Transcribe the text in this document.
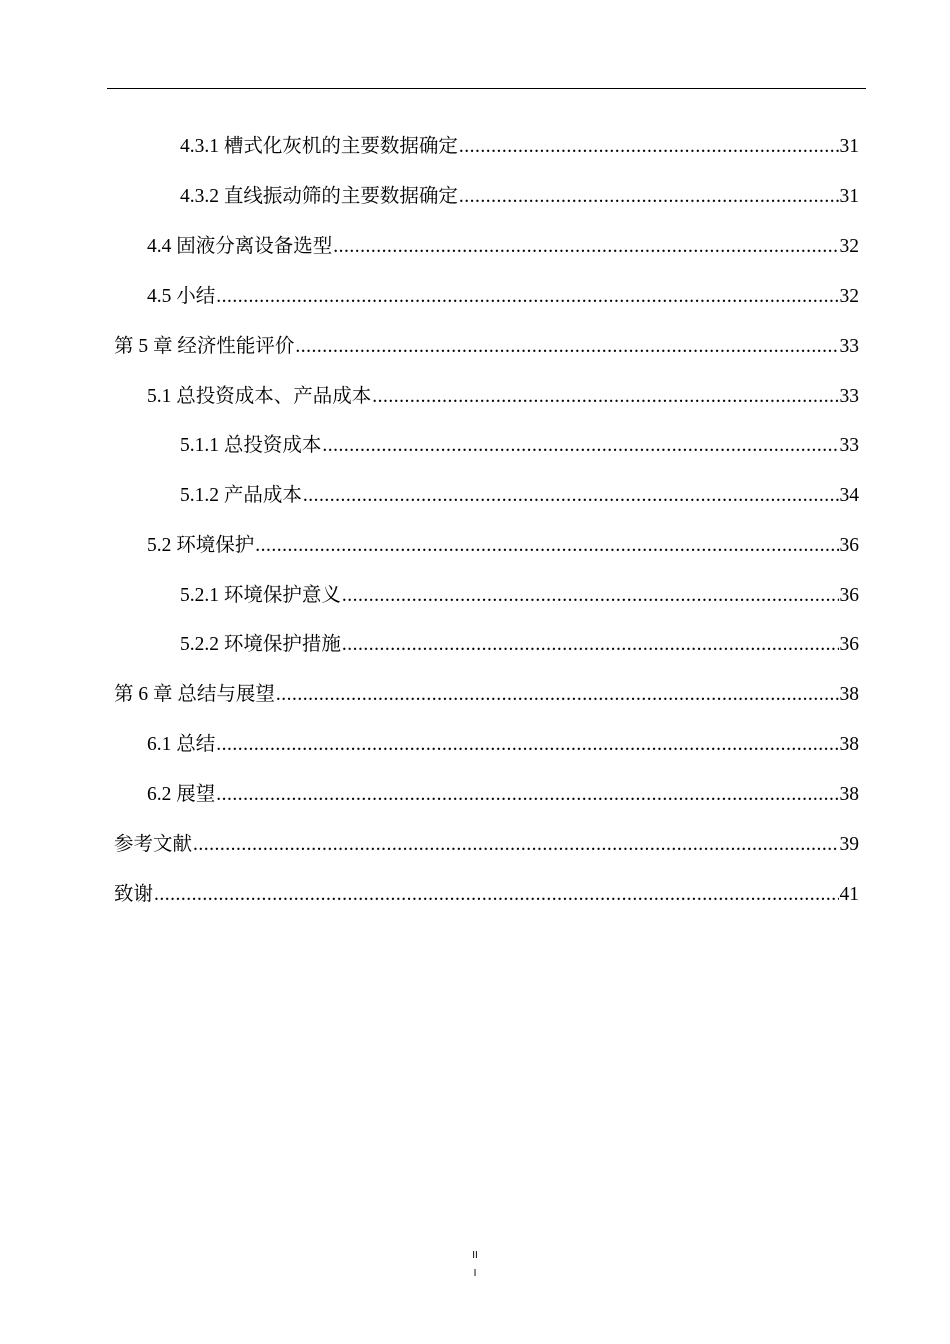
4.3.1 槽式化灰机的主要数据确定 .....	31
4.3.2 直线振动筛的主要数据确定 .....	31
4.4 固液分离设备选型 .....	32
4.5 小结 .....	32
第 5 章 经济性能评价 .....	33
5.1 总投资成本、产品成本 .....	33
5.1.1 总投资成本 .....	33
5.1.2 产品成本 .....	34
5.2 环境保护 .....	36
5.2.1 环境保护意义 .....	36
5.2.2 环境保护措施 .....	36
第 6 章 总结与展望 .....	38
6.1 总结 .....	38
6.2 展望 .....	38
参考文献 .....	39
致谢 .....	41
II
I
